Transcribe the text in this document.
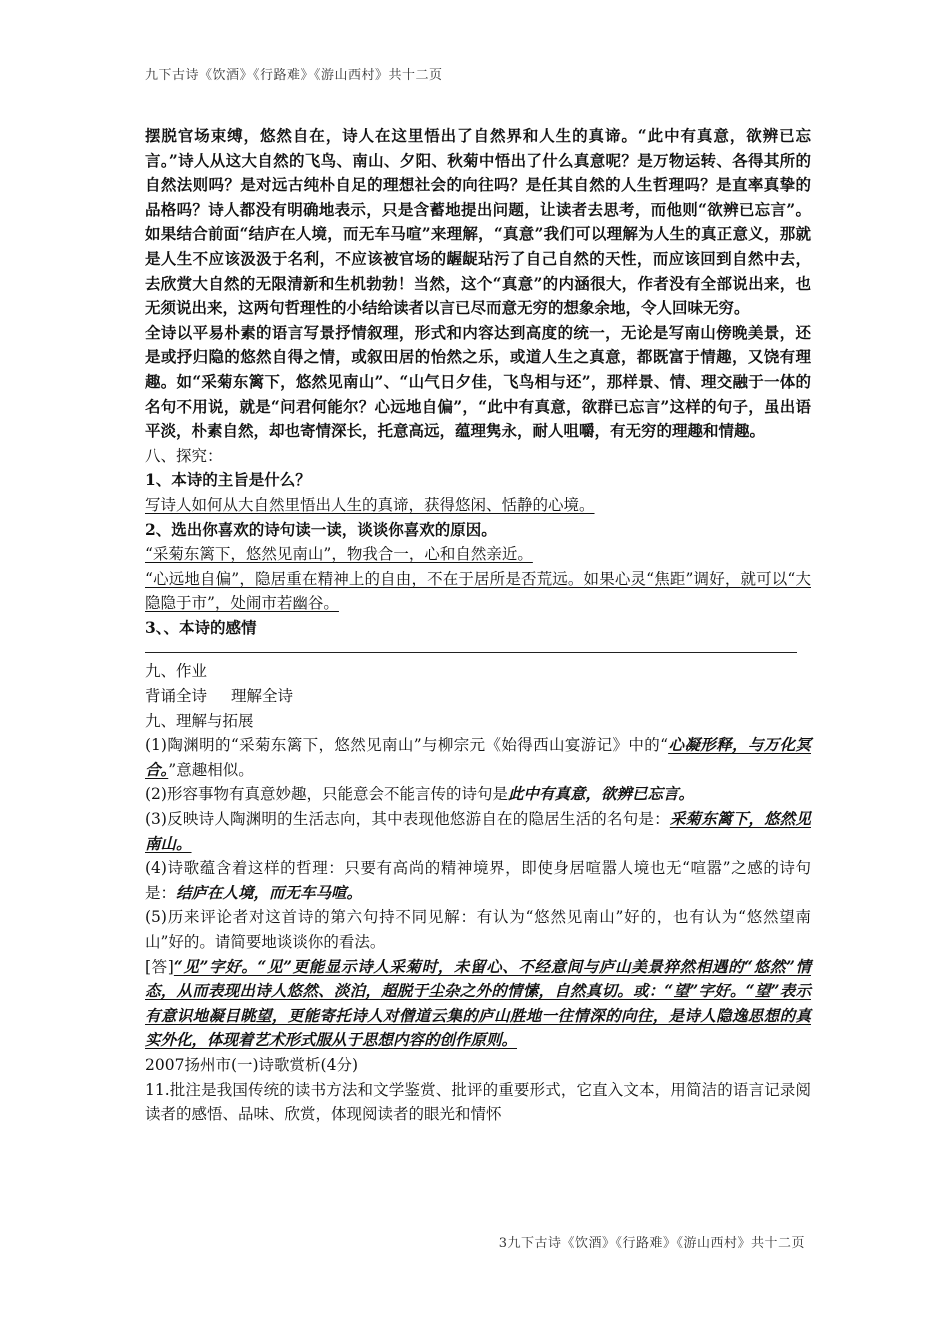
九下古诗《饮酒》《行路难》《游山西村》共十二页

摆脱官场束缚，悠然自在，诗人在这里悟出了自然界和人生的真谛。“此中有真意，欲辨已忘言。”诗人从这大自然的飞鸟、南山、夕阳、秋菊中悟出了什么真意呢？是万物运转、各得其所的自然法则吗？是对远古纯朴自足的理想社会的向往吗？是任其自然的人生哲理吗？是直率真挚的品格吗？诗人都没有明确地表示，只是含蓄地提出问题，让读者去思考，而他则“欲辨已忘言”。如果结合前面“结庐在人境，而无车马喧”来理解，“真意”我们可以理解为人生的真正意义，那就是人生不应该汲汲于名利，不应该被官场的龌龊玷污了自己自然的天性，而应该回到自然中去，去欣赏大自然的无限清新和生机勃勃！当然，这个“真意”的内涵很大，作者没有全部说出来，也无须说出来，这两句哲理性的小结给读者以言已尽而意无穷的想象余地，令人回味无穷。

全诗以平易朴素的语言写景抒情叙理，形式和内容达到高度的统一，无论是写南山傍晚美景，还是或抒归隐的悠然自得之情，或叙田居的怡然之乐，或道人生之真意，都既富于情趣，又饶有理趣。如“采菊东篱下，悠然见南山”、“山气日夕佳，飞鸟相与还”，那样景、情、理交融于一体的名句不用说，就是“问君何能尔？心远地自偏”，“此中有真意，欲群已忘言”这样的句子，虽出语平淡，朴素自然，却也寄情深长，托意高远，蕴理隽永，耐人咀嚼，有无穷的理趣和情趣。

八、探究：

1、本诗的主旨是什么？

写诗人如何从大自然里悟出人生的真谛，获得悠闲、恬静的心境。

2、选出你喜欢的诗句读一读，谈谈你喜欢的原因。

“采菊东篱下，悠然见南山”，物我合一，心和自然亲近。

“心远地自偏”，隐居重在精神上的自由，不在于居所是否荒远。如果心灵“焦距”调好，就可以“大隐隐于市”，处闹市若幽谷。

3、、本诗的感情

九、作业

背诵全诗 理解全诗

九、理解与拓展

(1)陶渊明的“采菊东篱下，悠然见南山”与柳宗元《始得西山宴游记》中的“心凝形释，与万化冥合。”意趣相似。

(2)形容事物有真意妙趣，只能意会不能言传的诗句是此中有真意，欲辨已忘言。

(3)反映诗人陶渊明的生活志向，其中表现他悠游自在的隐居生活的名句是：采菊东篱下，悠然见南山。

(4)诗歌蕴含着这样的哲理：只要有高尚的精神境界，即使身居喧嚣人境也无“喧嚣”之感的诗句是：结庐在人境，而无车马喧。

(5)历来评论者对这首诗的第六句持不同见解：有认为“悠然见南山”好的，也有认为“悠然望南山”好的。请简要地谈谈你的看法。

[答]“见”字好。“见”更能显示诗人采菊时，未留心、不经意间与庐山美景猝然相遇的“悠然”情态，从而表现出诗人悠然、淡泊，超脱于尘杂之外的情愫，自然真切。或：“望”字好。“望”表示有意识地凝目眺望，更能寄托诗人对僧道云集的庐山胜地一往情深的向往，是诗人隐逸思想的真实外化，体现着艺术形式服从于思想内容的创作原则。

2007扬州市(一)诗歌赏析(4分)

11.批注是我国传统的读书方法和文学鉴赏、批评的重要形式，它直入文本，用简洁的语言记录阅读者的感悟、品味、欣赏，体现阅读者的眼光和情怀

3九下古诗《饮酒》《行路难》《游山西村》共十二页
